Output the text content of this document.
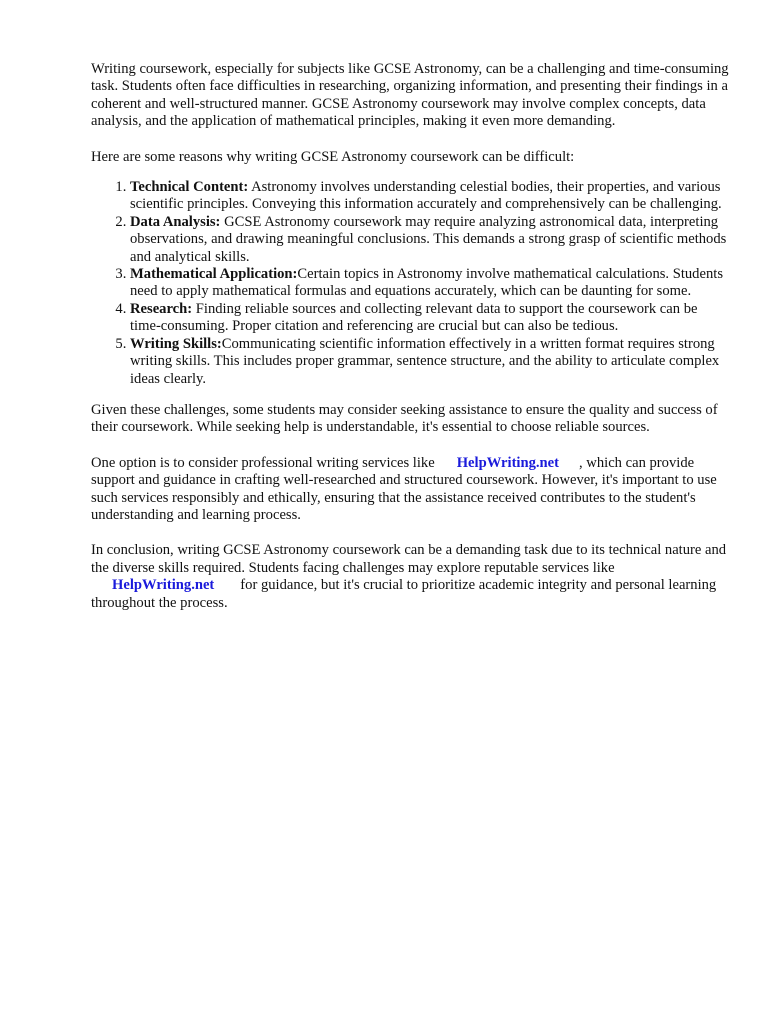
Writing coursework, especially for subjects like GCSE Astronomy, can be a challenging and time-consuming task. Students often face difficulties in researching, organizing information, and presenting their findings in a coherent and well-structured manner. GCSE Astronomy coursework may involve complex concepts, data analysis, and the application of mathematical principles, making it even more demanding.

Here are some reasons why writing GCSE Astronomy coursework can be difficult:

1. Technical Content: Astronomy involves understanding celestial bodies, their properties, and various scientific principles. Conveying this information accurately and comprehensively can be challenging.
2. Data Analysis: GCSE Astronomy coursework may require analyzing astronomical data, interpreting observations, and drawing meaningful conclusions. This demands a strong grasp of scientific methods and analytical skills.
3. Mathematical Application:Certain topics in Astronomy involve mathematical calculations. Students need to apply mathematical formulas and equations accurately, which can be daunting for some.
4. Research: Finding reliable sources and collecting relevant data to support the coursework can be time-consuming. Proper citation and referencing are crucial but can also be tedious.
5. Writing Skills:Communicating scientific information effectively in a written format requires strong writing skills. This includes proper grammar, sentence structure, and the ability to articulate complex ideas clearly.

Given these challenges, some students may consider seeking assistance to ensure the quality and success of their coursework. While seeking help is understandable, it's essential to choose reliable sources.

One option is to consider professional writing services like HelpWriting.net , which can provide support and guidance in crafting well-researched and structured coursework. However, it's important to use such services responsibly and ethically, ensuring that the assistance received contributes to the student's understanding and learning process.

In conclusion, writing GCSE Astronomy coursework can be a demanding task due to its technical nature and the diverse skills required. Students facing challenges may explore reputable services like
HelpWriting.net for guidance, but it's crucial to prioritize academic integrity and personal learning throughout the process.
